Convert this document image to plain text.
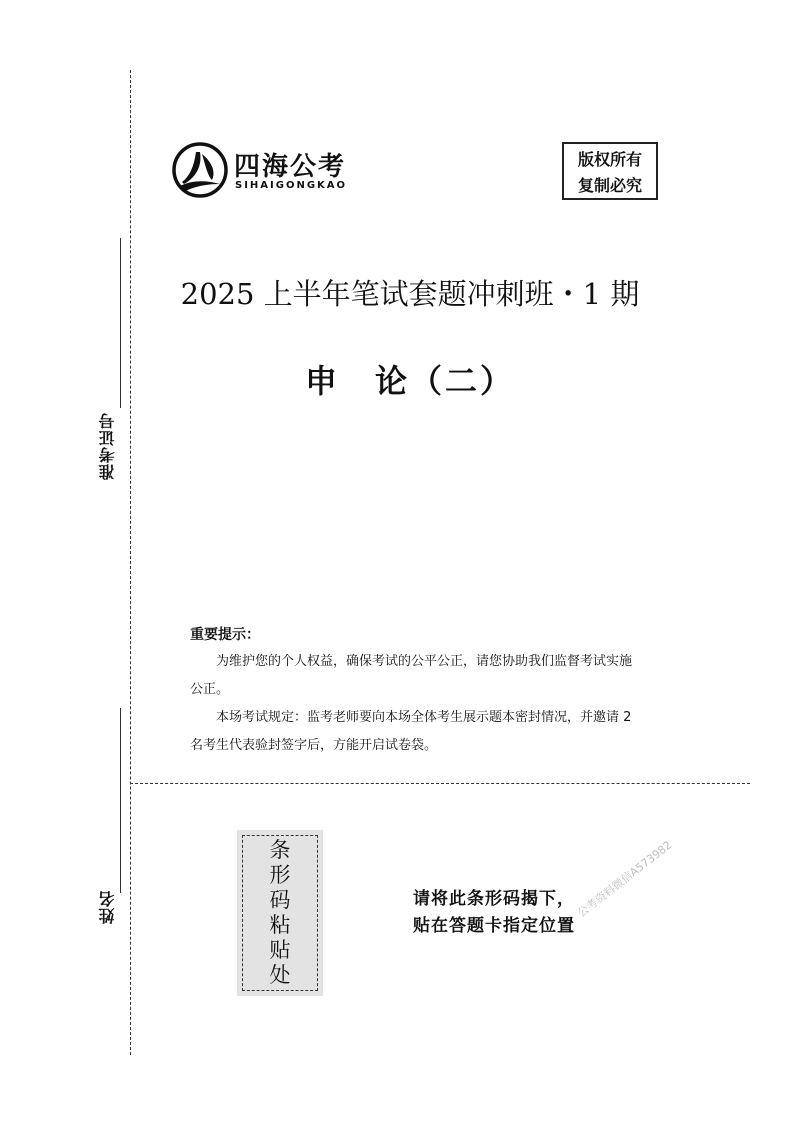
准考证号
姓名
四海公考
SIHAIGONGKAO
版权所有
复制必究
2025 上半年笔试套题冲刺班・1 期
申　论（二）
重要提示：
　　为维护您的个人权益，确保考试的公平公正，请您协助我们监督考试实施
公正。
　　本场考试规定：监考老师要向本场全体考生展示题本密封情况，并邀请 2
名考生代表验封签字后，方能开启试卷袋。
条
形
码
粘
贴
处
请将此条形码揭下，
贴在答题卡指定位置
公考资料微信A573982
